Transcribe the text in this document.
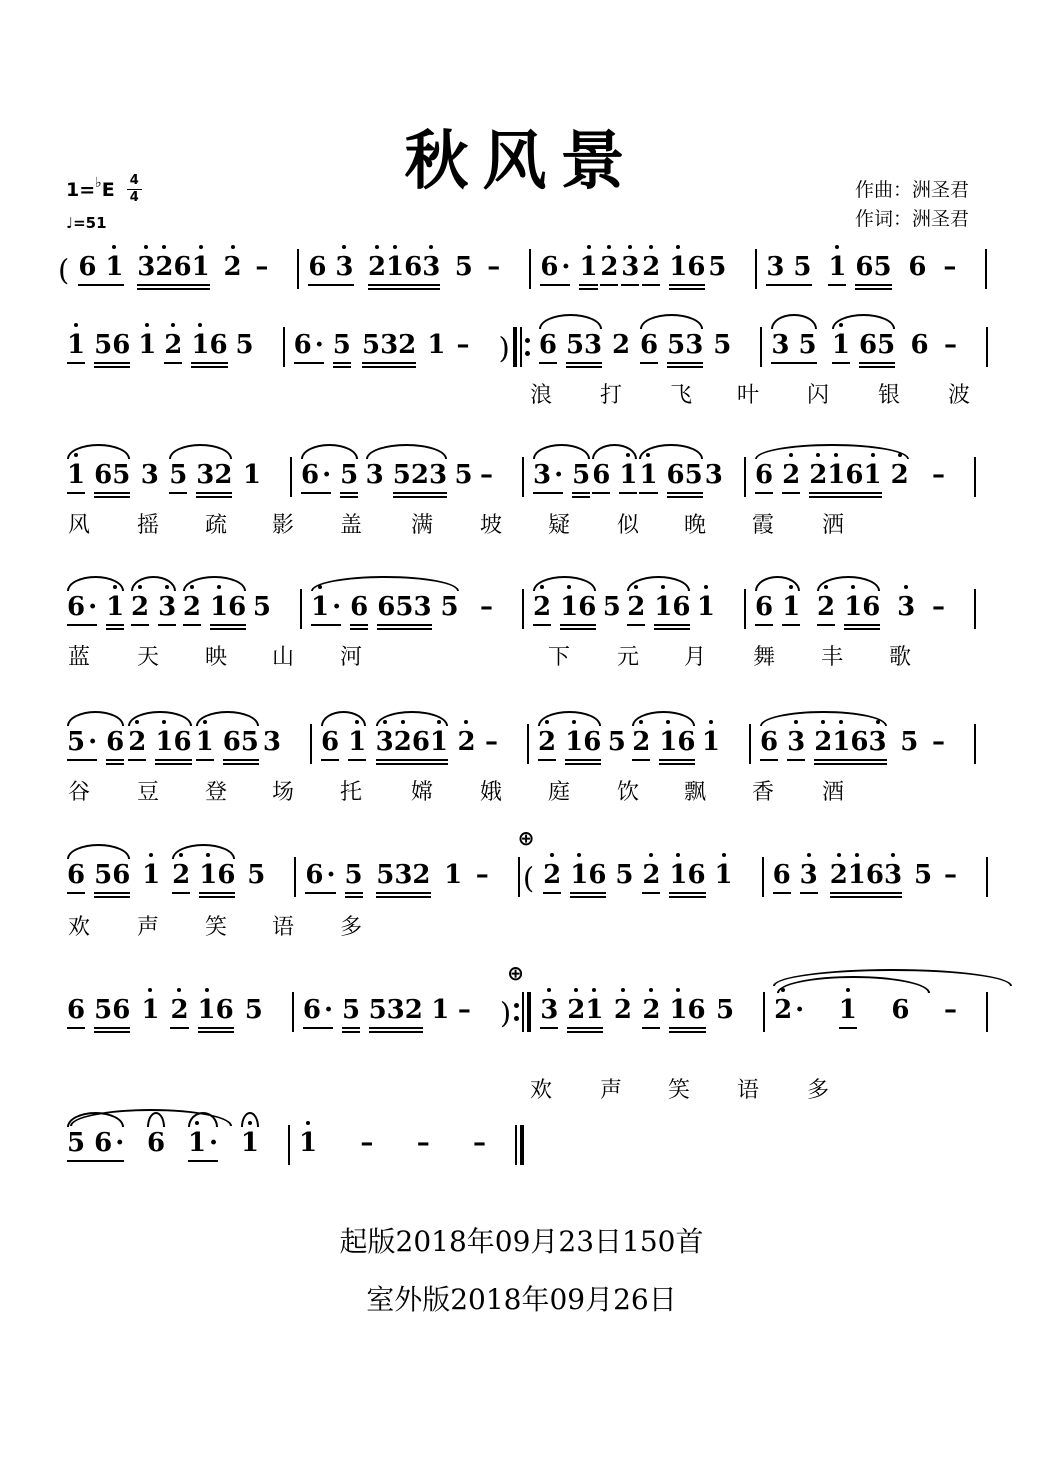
秋风景
1= ♭ E $\frac{4}{4}$
♩=51
作曲：洲圣君
作词：洲圣君
( 6 1 3 2 6 1 2 – 6 3 2 1 6 3 5 – 6 · 1 2 3 2 1 6 5 3 5 1 6 5 6 –
1 5 6 1 2 1 6 5 6 · 5 5 3 2 1 – ) 6 5 3 2 6 5 3 5 3 5 1 6 5 6 –
浪 打 飞 叶 闪 银 波
1 6 5 3 5 3 2 1 6 · 5 3 5 2 3 5 – 3 · 5 6 1 1 6 5 3 6 2 2 1 6 1 2 –
风 摇 疏 影 盖 满 坡 疑 似 晚 霞 洒
6 · 1 2 3 2 1 6 5 1 · 6 6 5 3 5 – 2 1 6 5 2 1 6 1 6 1 2 1 6 3 –
蓝 天 映 山 河	下 元 月 舞 丰 歌
5 · 6 2 1 6 1 6 5 3 6 1 3 2 6 1 2 – 2 1 6 5 2 1 6 1 6 3 2 1 6 3 5 –
谷 豆 登 场 托 嫦 娥 庭 饮 飘 香 酒
6 5 6 1 2 1 6 5 6 · 5 5 3 2 1 –
⊕
( 2 1 6 5 2 1 6 1 6 3 2 1 6 3 5 –
欢 声 笑 语 多
6 5 6 1 2 1 6 5 6 · 5 5 3 2 1 – )
⊕
3 2 1 2 2 1 6 5 2 · 1 6 –
欢 声 笑 语 多
5 6 · 6 1 · 1 1 – – –
起版2018年09月23日150首
室外版2018年09月26日
